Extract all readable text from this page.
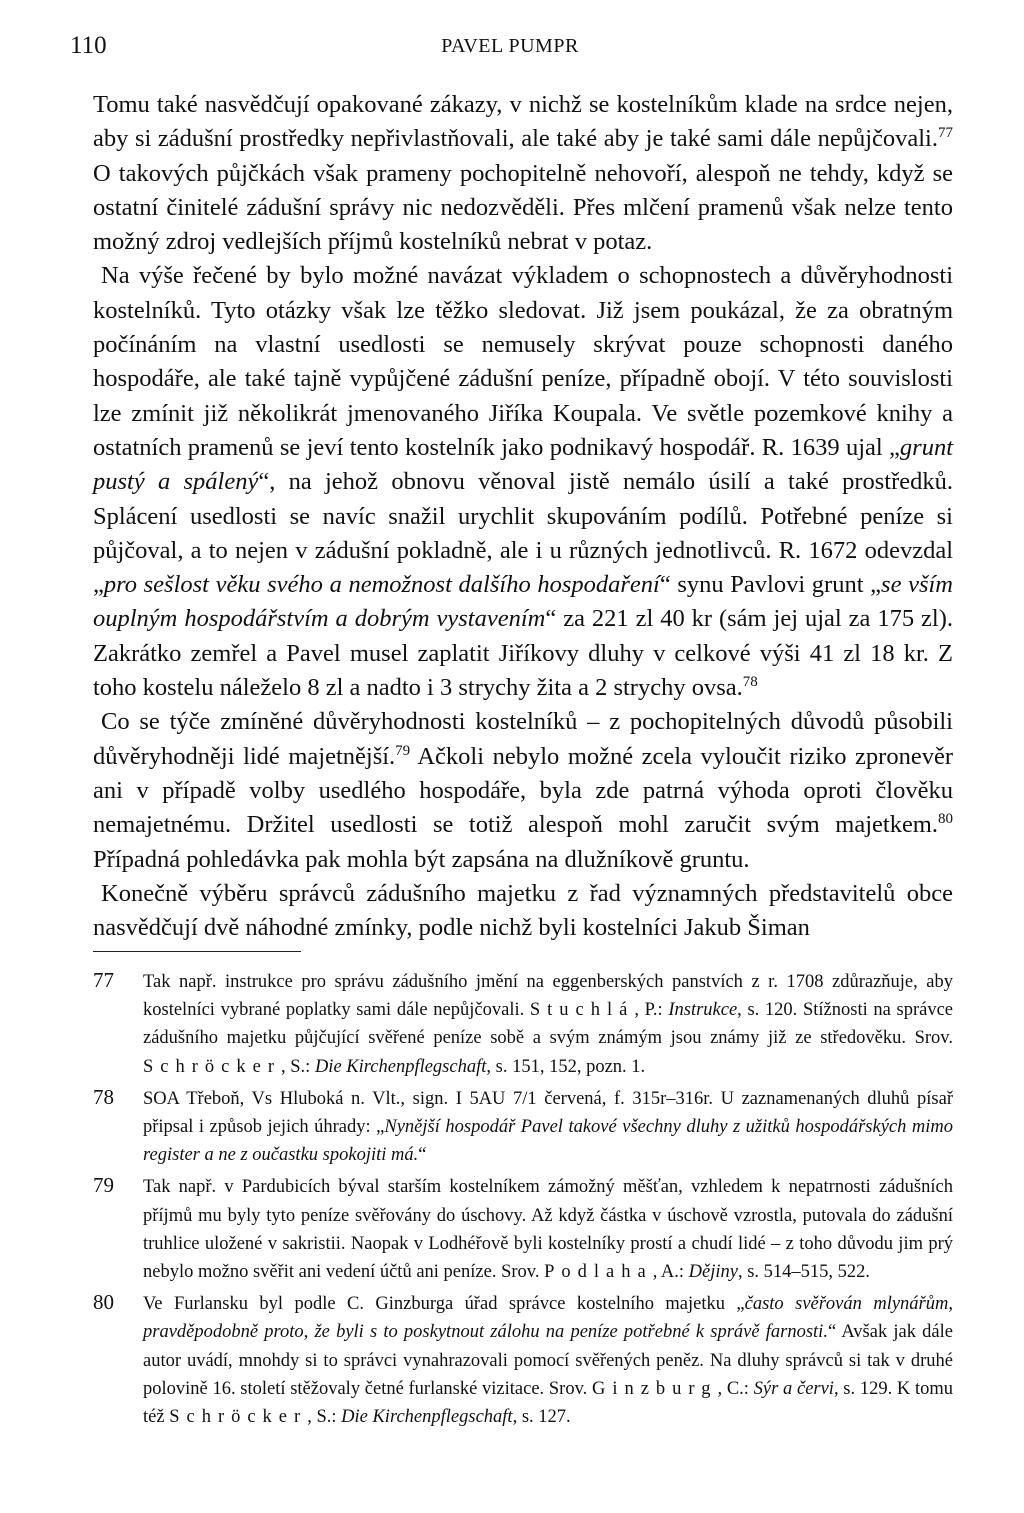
110	PAVEL PUMPR

Tomu také nasvědčují opakované zákazy, v nichž se kostelníkům klade na srdce nejen, aby si zádušní prostředky nepřivlastňovali, ale také aby je také sami dále nepůjčovali.$^{77}$ O takových půjčkách však prameny pochopitelně nehovoří, alespoň ne tehdy, když se ostatní činitelé zádušní správy nic nedozvěděli. Přes mlčení pramenů však nelze tento možný zdroj vedlejších příjmů kostelníků nebrat v potaz.

Na výše řečené by bylo možné navázat výkladem o schopnostech a důvěryhodnosti kostelníků. Tyto otázky však lze těžko sledovat. Již jsem poukázal, že za obratným počínáním na vlastní usedlosti se nemusely skrývat pouze schopnosti daného hospodáře, ale také tajně vypůjčené zádušní peníze, případně obojí. V této souvislosti lze zmínit již několikrát jmenovaného Jiříka Koupala. Ve světle pozemkové knihy a ostatních pramenů se jeví tento kostelník jako podnikavý hospodář. R. 1639 ujal „grunt pustý a spálený“, na jehož obnovu věnoval jistě nemálo úsilí a také prostředků. Splácení usedlosti se navíc snažil urychlit skupováním podílů. Potřebné peníze si půjčoval, a to nejen v zádušní pokladně, ale i u různých jednotlivců. R. 1672 odevzdal „pro sešlost věku svého a nemožnost dalšího hospodaření“ synu Pavlovi grunt „se vším ouplným hospodářstvím a dobrým vystavením“ za 221 zl 40 kr (sám jej ujal za 175 zl). Zakrátko zemřel a Pavel musel zaplatit Jiříkovy dluhy v celkové výši 41 zl 18 kr. Z toho kostelu náleželo 8 zl a nadto i 3 strychy žita a 2 strychy ovsa.$^{78}$

Co se týče zmíněné důvěryhodnosti kostelníků – z pochopitelných důvodů působili důvěryhodněji lidé majetnější.$^{79}$ Ačkoli nebylo možné zcela vyloučit riziko zpronevěr ani v případě volby usedlého hospodáře, byla zde patrná výhoda oproti člověku nemajetnému. Držitel usedlosti se totiž alespoň mohl zaručit svým majetkem.$^{80}$ Případná pohledávka pak mohla být zapsána na dlužníkově gruntu.

Konečně výběru správců zádušního majetku z řad významných představitelů obce nasvědčují dvě náhodné zmínky, podle nichž byli kostelníci Jakub Šiman

77	Tak např. instrukce pro správu zádušního jmění na eggenberských panstvích z r. 1708 zdůrazňuje, aby kostelníci vybrané poplatky sami dále nepůjčovali. Stuchlá, P.: Instrukce, s. 120. Stížnosti na správce zádušního majetku půjčující svěřené peníze sobě a svým známým jsou známy již ze středověku. Srov. Schröcker, S.: Die Kirchenpflegschaft, s. 151, 152, pozn. 1.
78	SOA Třeboň, Vs Hluboká n. Vlt., sign. I 5AU 7/1 červená, f. 315r–316r. U zaznamenaných dluhů písař připsal i způsob jejich úhrady: „Nynější hospodář Pavel takové všechny dluhy z užitků hospodářských mimo register a ne z oučastku spokojiti má.“
79	Tak např. v Pardubicích býval starším kostelníkem zámožný měšťan, vzhledem k nepatrnosti zádušních příjmů mu byly tyto peníze svěřovány do úschovy. Až když částka v úschově vzrostla, putovala do zádušní truhlice uložené v sakristii. Naopak v Lodhéřově byli kostelníky prostí a chudí lidé – z toho důvodu jim prý nebylo možno svěřit ani vedení účtů ani peníze. Srov. Podlaha, A.: Dějiny, s. 514–515, 522.
80	Ve Furlansku byl podle C. Ginzburga úřad správce kostelního majetku „často svěřován mlynářům, pravděpodobně proto, že byli s to poskytnout zálohu na peníze potřebné k správě farnosti.“ Avšak jak dále autor uvádí, mnohdy si to správci vynahrazovali pomocí svěřených peněz. Na dluhy správců si tak v druhé polovině 16. století stěžovaly četné furlanské vizitace. Srov. Ginzburg, C.: Sýr a červi, s. 129. K tomu též Schröcker, S.: Die Kirchenpflegschaft, s. 127.
